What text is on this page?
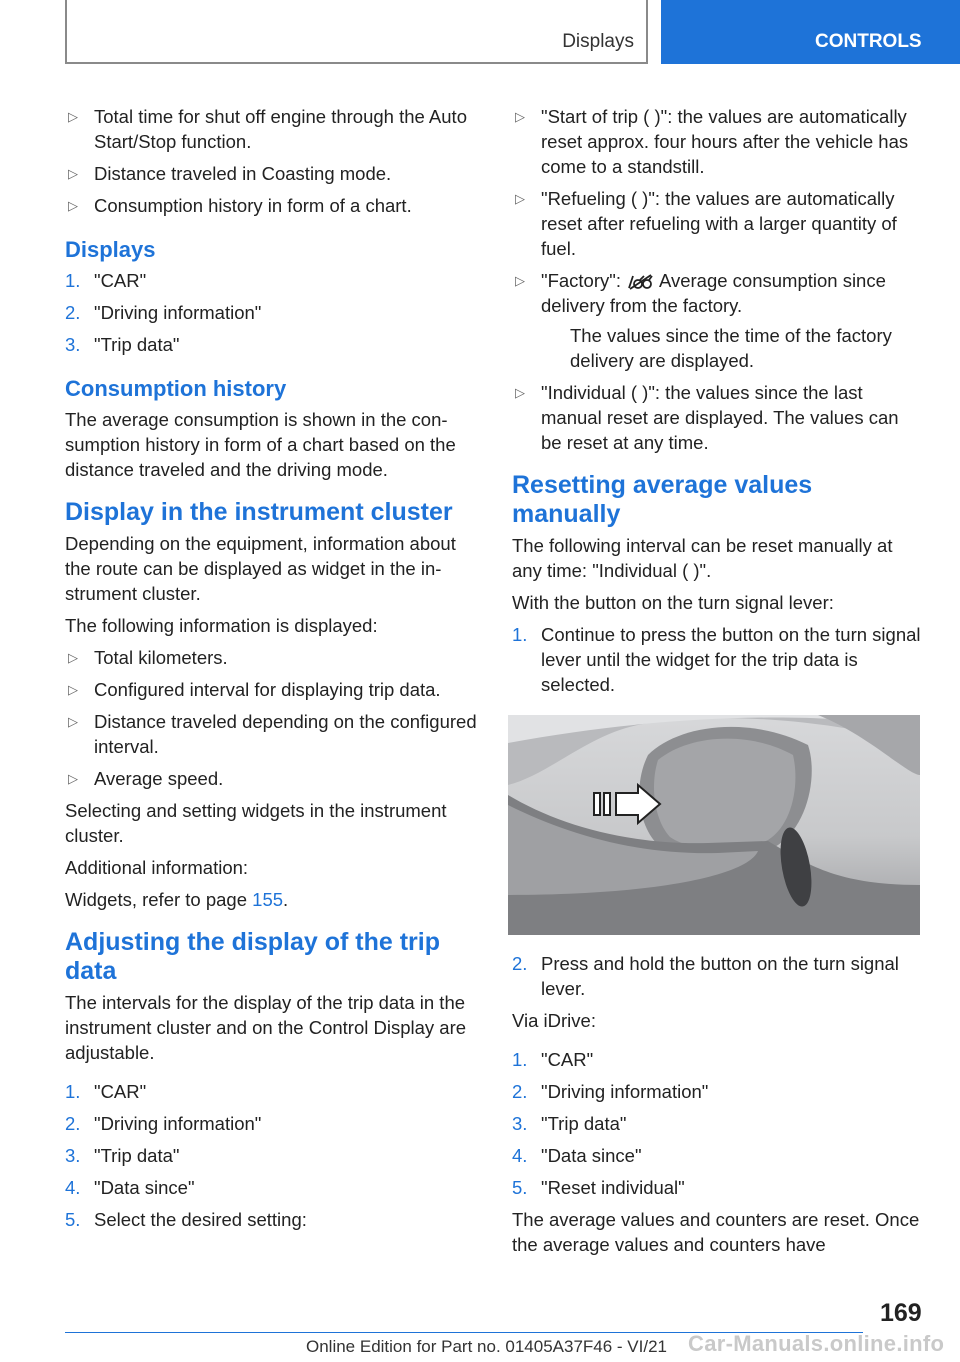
Displays	CONTROLS
▷ Total time for shut off engine through the Auto Start/Stop function.
▷ Distance traveled in Coasting mode.
▷ Consumption history in form of a chart.
Displays
1. "CAR"
2. "Driving information"
3. "Trip data"
Consumption history

The average consumption is shown in the consumption history in form of a chart based on the distance traveled and the driving mode.

Display in the instrument cluster

Depending on the equipment, information about the route can be displayed as widget in the instrument cluster.

The following information is displayed:

▷ Total kilometers.
▷ Configured interval for displaying trip data.
▷ Distance traveled depending on the configured interval.
▷ Average speed.

Selecting and setting widgets in the instrument cluster.

Additional information:

Widgets, refer to page 155.

Adjusting the display of the trip data

The intervals for the display of the trip data in the instrument cluster and on the Control Display are adjustable.

1. "CAR"
2. "Driving information"
3. "Trip data"
4. "Data since"
5. Select the desired setting:
▷ "Start of trip ( )": the values are automatically reset approx. four hours after the vehicle has come to a standstill.
▷ "Refueling ( )": the values are automatically reset after refueling with a larger quantity of fuel.
▷ "Factory": Average consumption since delivery from the factory.

The values since the time of the factory delivery are displayed.

▷ "Individual ( )": the values since the last manual reset are displayed. The values can be reset at any time.
Resetting average values manually

The following interval can be reset manually at any time: "Individual ( )".

With the button on the turn signal lever:

1. Continue to press the button on the turn signal lever until the widget for the trip data is selected.
2. Press and hold the button on the turn signal lever.

Via iDrive:

1. "CAR"
2. "Driving information"
3. "Trip data"
4. "Data since"
5. "Reset individual"

The average values and counters are reset. Once the average values and counters have

169
Online Edition for Part no. 01405A37F46 - VI/21 Car-Manuals.online.info
